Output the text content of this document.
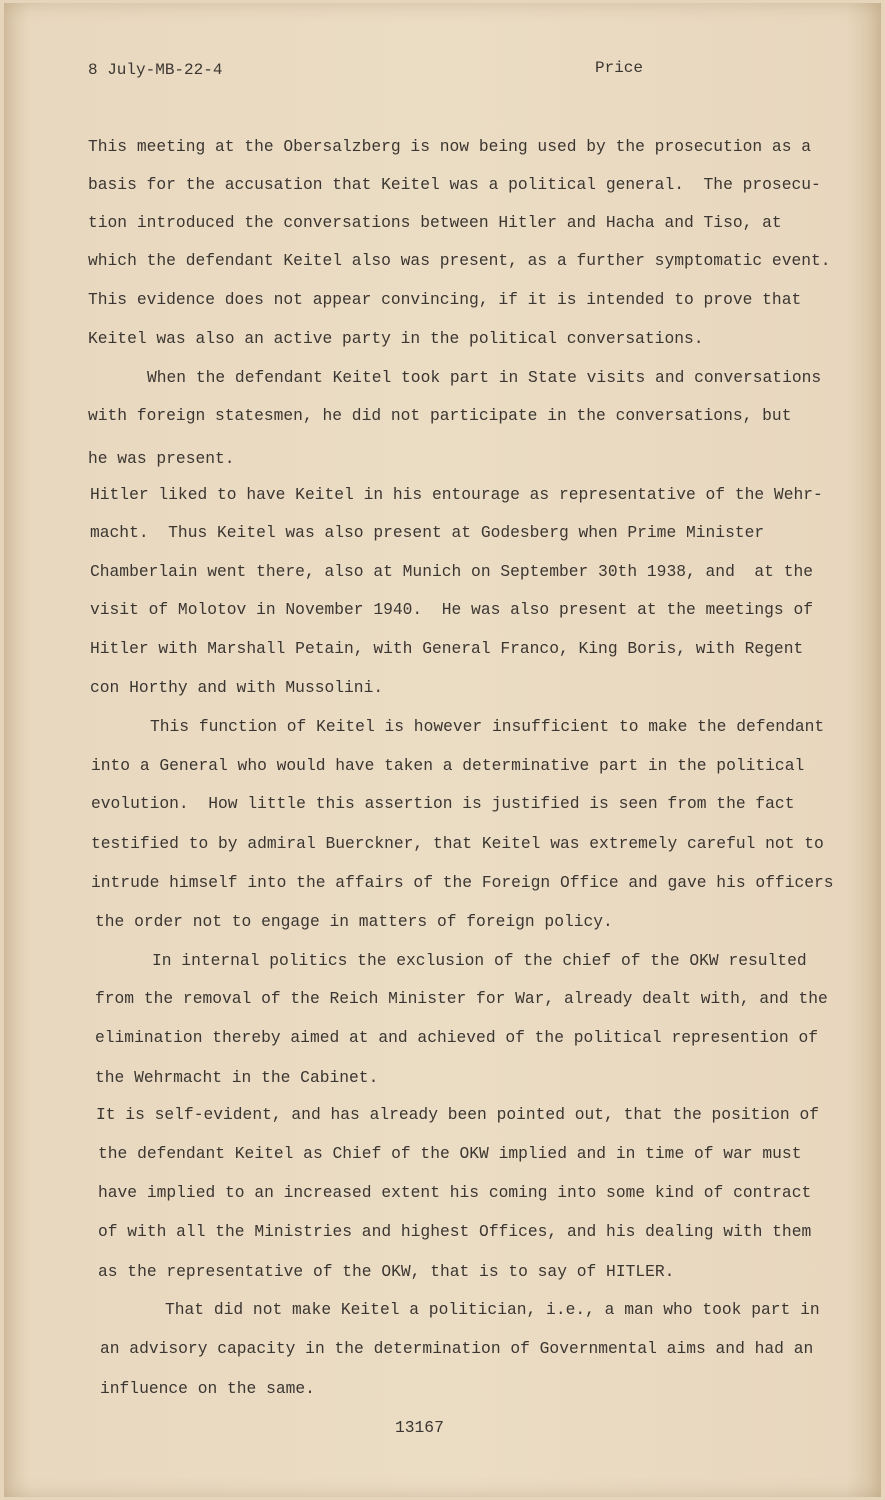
8 July-MB-22-4	Price
This meeting at the Obersalzberg is now being used by the prosecution as a
basis for the accusation that Keitel was a political general.  The prosecu-
tion introduced the conversations between Hitler and Hacha and Tiso, at
which the defendant Keitel also was present, as a further symptomatic event.
This evidence does not appear convincing, if it is intended to prove that
Keitel was also an active party in the political conversations.
When the defendant Keitel took part in State visits and conversations
with foreign statesmen, he did not participate in the conversations, but
he was present.
Hitler liked to have Keitel in his entourage as representative of the Wehr-
macht.  Thus Keitel was also present at Godesberg when Prime Minister
Chamberlain went there, also at Munich on September 30th 1938, and  at the
visit of Molotov in November 1940.  He was also present at the meetings of
Hitler with Marshall Petain, with General Franco, King Boris, with Regent
con Horthy and with Mussolini.
This function of Keitel is however insufficient to make the defendant
into a General who would have taken a determinative part in the political
evolution.  How little this assertion is justified is seen from the fact
testified to by admiral Buerckner, that Keitel was extremely careful not to
intrude himself into the affairs of the Foreign Office and gave his officers
the order not to engage in matters of foreign policy.
In internal politics the exclusion of the chief of the OKW resulted
from the removal of the Reich Minister for War, already dealt with, and the
elimination thereby aimed at and achieved of the political represention of
the Wehrmacht in the Cabinet.
It is self-evident, and has already been pointed out, that the position of
the defendant Keitel as Chief of the OKW implied and in time of war must
have implied to an increased extent his coming into some kind of contract
of with all the Ministries and highest Offices, and his dealing with them
as the representative of the OKW, that is to say of HITLER.
That did not make Keitel a politician, i.e., a man who took part in
an advisory capacity in the determination of Governmental aims and had an
influence on the same.
13167
